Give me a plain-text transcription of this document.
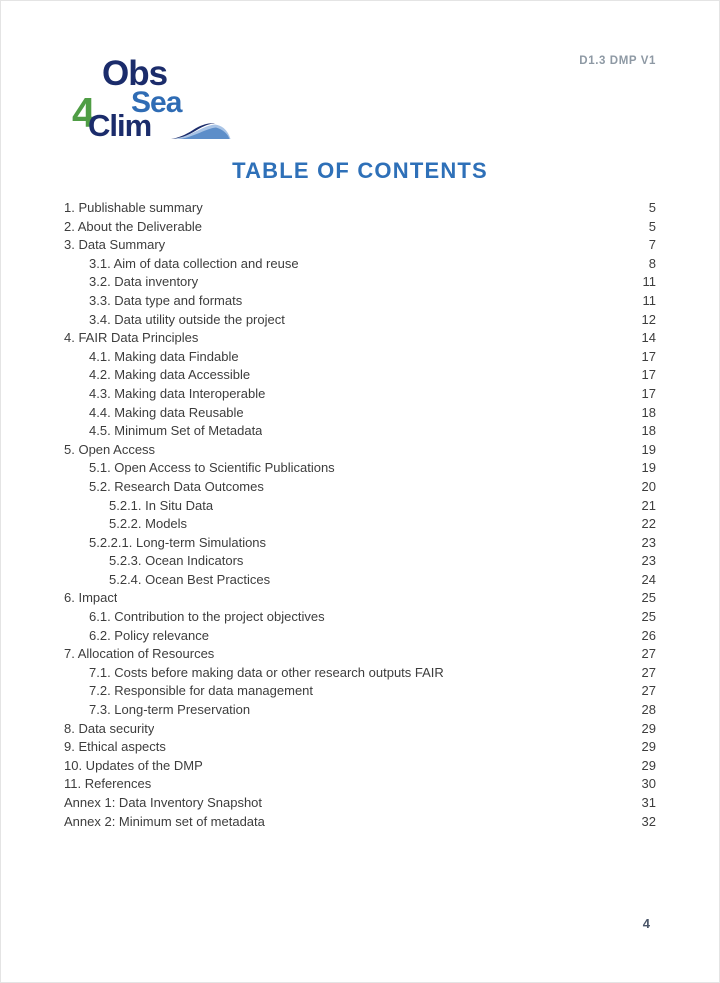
Obs
Sea
4
Clim
D1.3 DMP V1
TABLE OF CONTENTS
1. Publishable summary	5
2. About the Deliverable	5
3. Data Summary	7
3.1. Aim of data collection and reuse	8
3.2. Data inventory	11
3.3. Data type and formats	11
3.4. Data utility outside the project	12
4. FAIR Data Principles	14
4.1. Making data Findable	17
4.2. Making data Accessible	17
4.3. Making data Interoperable	17
4.4. Making data Reusable	18
4.5. Minimum Set of Metadata	18
5. Open Access	19
5.1. Open Access to Scientific Publications	19
5.2. Research Data Outcomes	20
5.2.1. In Situ Data	21
5.2.2. Models	22
5.2.2.1. Long-term Simulations	23
5.2.3. Ocean Indicators	23
5.2.4. Ocean Best Practices	24
6. Impact	25
6.1. Contribution to the project objectives	25
6.2. Policy relevance	26
7. Allocation of Resources	27
7.1. Costs before making data or other research outputs FAIR	27
7.2. Responsible for data management	27
7.3. Long-term Preservation	28
8. Data security	29
9. Ethical aspects	29
10. Updates of the DMP	29
11. References	30
Annex 1: Data Inventory Snapshot	31
Annex 2: Minimum set of metadata	32
4
